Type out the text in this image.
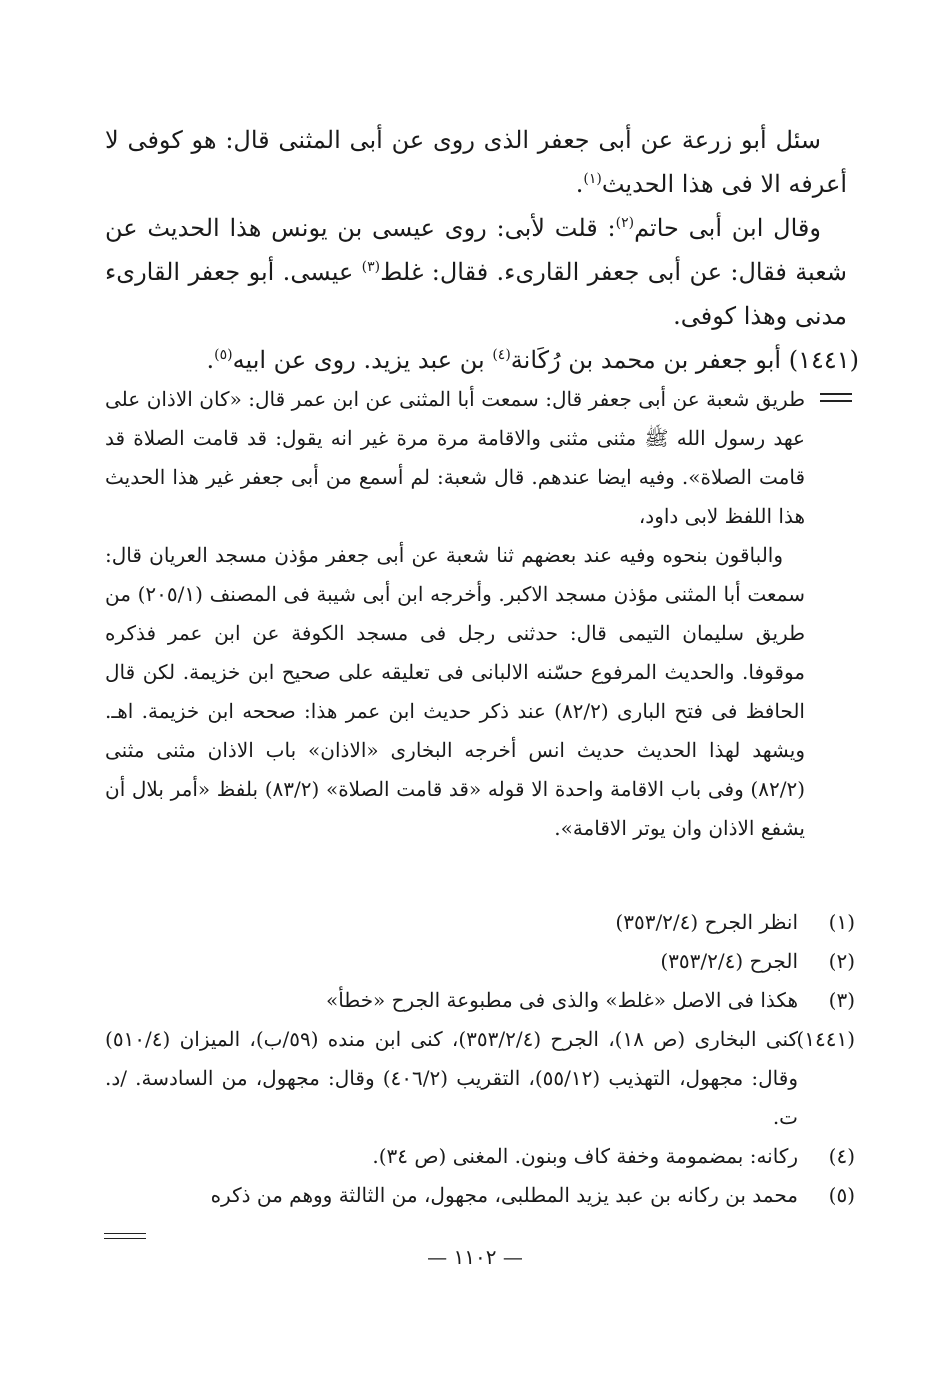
سئل أبو زرعة عن أبى جعفر الذى روى عن أبى المثنى قال: هو كوفى لا أعرفه الا فى هذا الحديث$^{(١)}$.

وقال ابن أبى حاتم$^{(٢)}$: قلت لأبى: روى عيسى بن يونس هذا الحديث عن شعبة فقال: عن أبى جعفر القارىء. فقال: غلط$^{(٣)}$ عيسى. أبو جعفر القارىء مدنى وهذا كوفى.

(١٤٤١) أبو جعفر بن محمد بن رُكَانة$^{(٤)}$ بن عبد يزيد. روى عن ابيه$^{(٥)}$.

طريق شعبة عن أبى جعفر قال: سمعت أبا المثنى عن ابن عمر قال: «كان الاذان على عهد رسول الله ﷺ مثنى مثنى والاقامة مرة مرة غير انه يقول: قد قامت الصلاة قد قامت الصلاة». وفيه ايضا عندهم. قال شعبة: لم أسمع من أبى جعفر غير هذا الحديث هذا اللفظ لابى داود،

والباقون بنحوه وفيه عند بعضهم ثنا شعبة عن أبى جعفر مؤذن مسجد العريان قال: سمعت أبا المثنى مؤذن مسجد الاكبر. وأخرجه ابن أبى شيبة فى المصنف (٢٠٥/١) من طريق سليمان التيمى قال: حدثنى رجل فى مسجد الكوفة عن ابن عمر فذكره موقوفا. والحديث المرفوع حسّنه الالبانى فى تعليقه على صحيح ابن خزيمة. لكن قال الحافظ فى فتح البارى (٨٢/٢) عند ذكر حديث ابن عمر هذا: صححه ابن خزيمة. اهـ. ويشهد لهذا الحديث حديث انس أخرجه البخارى «الاذان» باب الاذان مثنى مثنى (٨٢/٢) وفى باب الاقامة واحدة الا قوله «قد قامت الصلاة» (٨٣/٢) بلفظ «أمر بلال أن يشفع الاذان وان يوتر الاقامة».

(١)
انظر الجرح (٣٥٣/٢/٤)
(٢)
الجرح (٣٥٣/٢/٤)
(٣)
هكذا فى الاصل «غلط» والذى فى مطبوعة الجرح «خطأ»
(١٤٤١)
كنى البخارى (ص ١٨)، الجرح (٣٥٣/٢/٤)، كنى ابن منده (٥٩/ب)، الميزان (٥١٠/٤) وقال: مجهول، التهذيب (٥٥/١٢)، التقريب (٤٠٦/٢) وقال: مجهول، من السادسة. /د. ت.
(٤)
ركانه: بمضمومة وخفة كاف وبنون. المغنى (ص ٣٤).
(٥)
محمد بن ركانه بن عبد يزيد المطلبى، مجهول، من الثالثة ووهم من ذكره
— ١١٠٢ —
